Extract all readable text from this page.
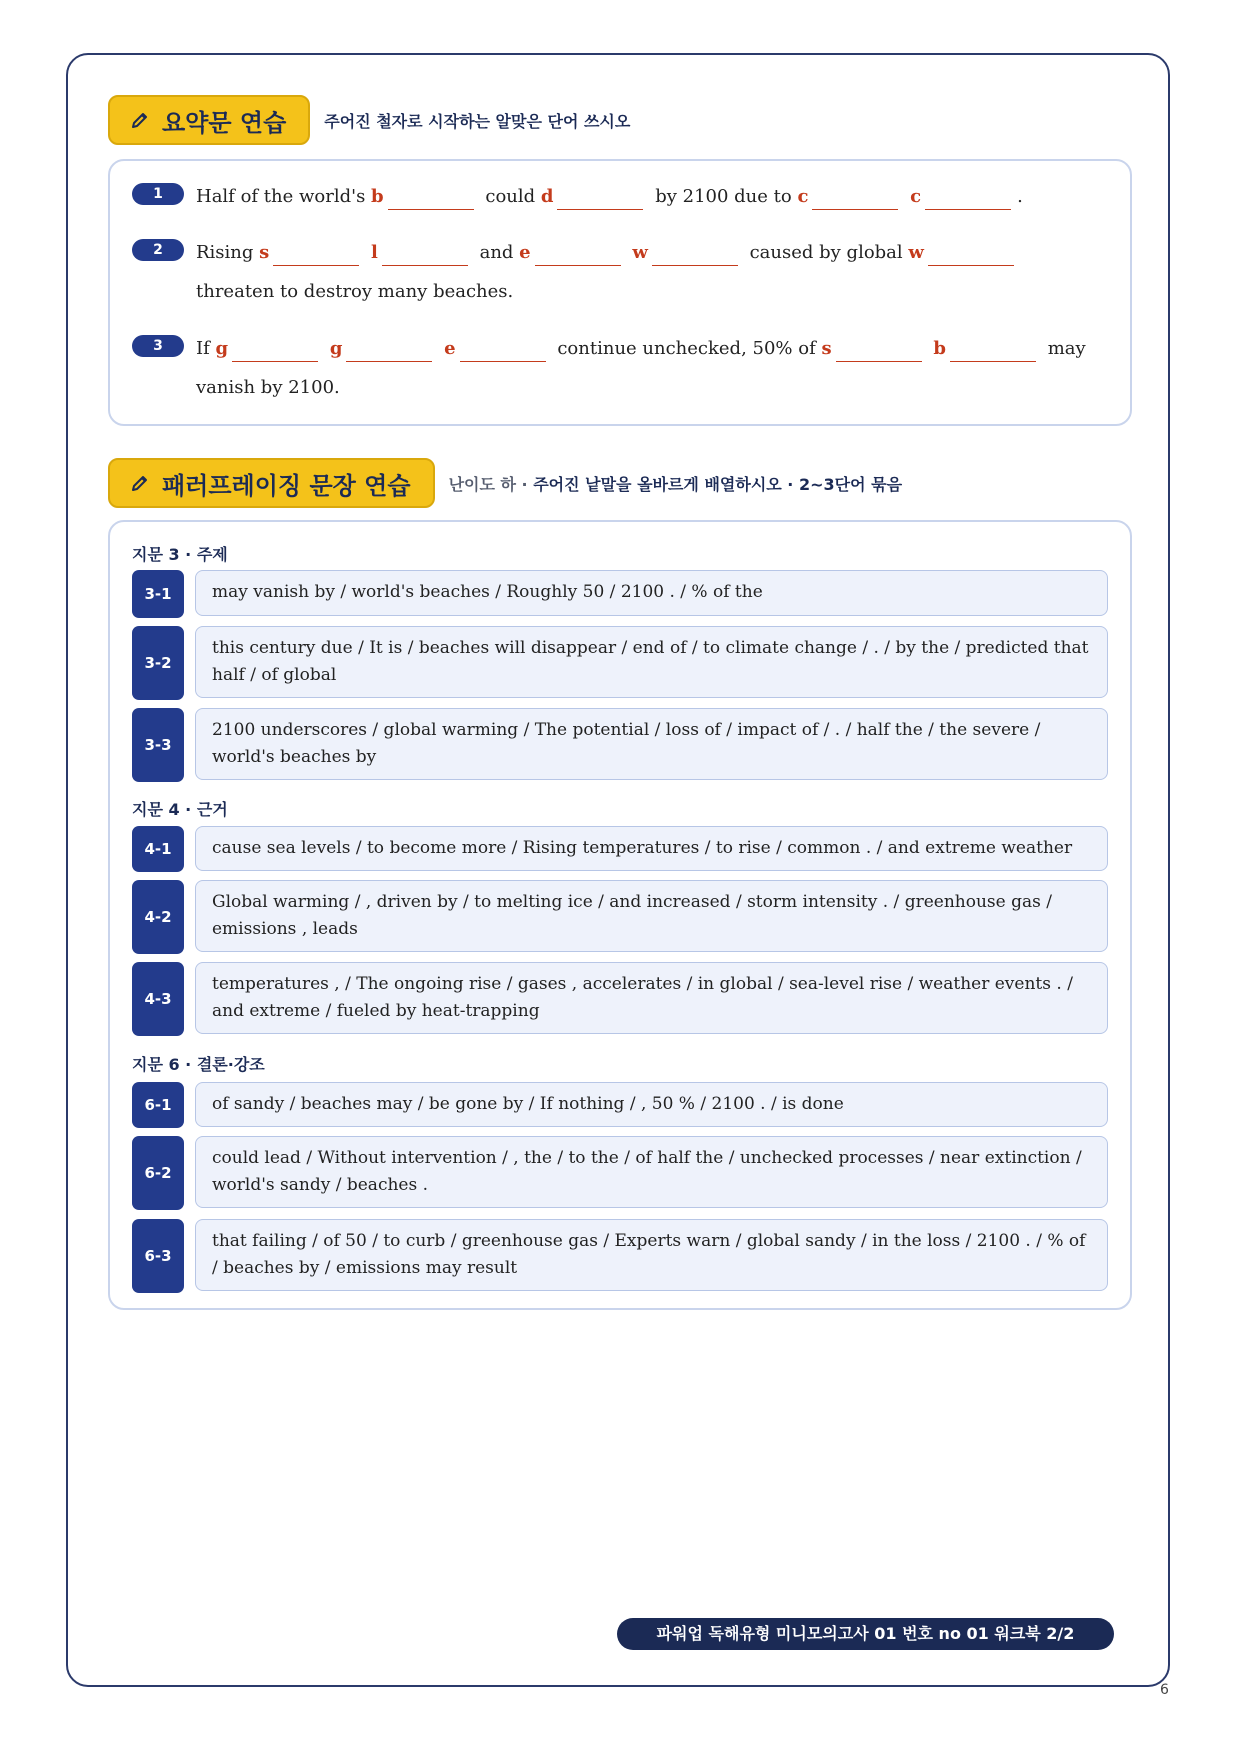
요약문 연습 주어진 철자로 시작하는 알맞은 단어 쓰시오
1	Half of the world's b	could d	by 2100 due to c	c	.
2	Rising s	l	and e	w	caused by global w threaten to destroy many beaches.
3	If g	g	e	continue unchecked, 50% of s	b	may vanish by 2100.
패러프레이징 문장 연습 난이도 하 · 주어진 낱말을 올바르게 배열하시오 · 2~3단어 묶음
지문 3 · 주제
3-1	may vanish by / world's beaches / Roughly 50 / 2100 . / % of the
3-2
this century due / It is / beaches will disappear / end of / to climate change / . / by the / predicted that half / of global
3-3
2100 underscores / global warming / The potential / loss of / impact of / . / half the / the severe / world's beaches by
지문 4 · 근거
4-1	cause sea levels / to become more / Rising temperatures / to rise / common . / and extreme weather
4-2
Global warming / , driven by / to melting ice / and increased / storm intensity . / greenhouse gas / emissions , leads
4-3
temperatures , / The ongoing rise / gases , accelerates / in global / sea-level rise / weather events . / and extreme / fueled by heat-trapping
지문 6 · 결론·강조
6-1	of sandy / beaches may / be gone by / If nothing / , 50 % / 2100 . / is done
6-2
could lead / Without intervention / , the / to the / of half the / unchecked processes / near extinction / world's sandy / beaches .
6-3
that failing / of 50 / to curb / greenhouse gas / Experts warn / global sandy / in the loss / 2100 . / % of / beaches by / emissions may result
파워업 독해유형 미니모의고사 01 번호 no 01 워크북 2/2
6
